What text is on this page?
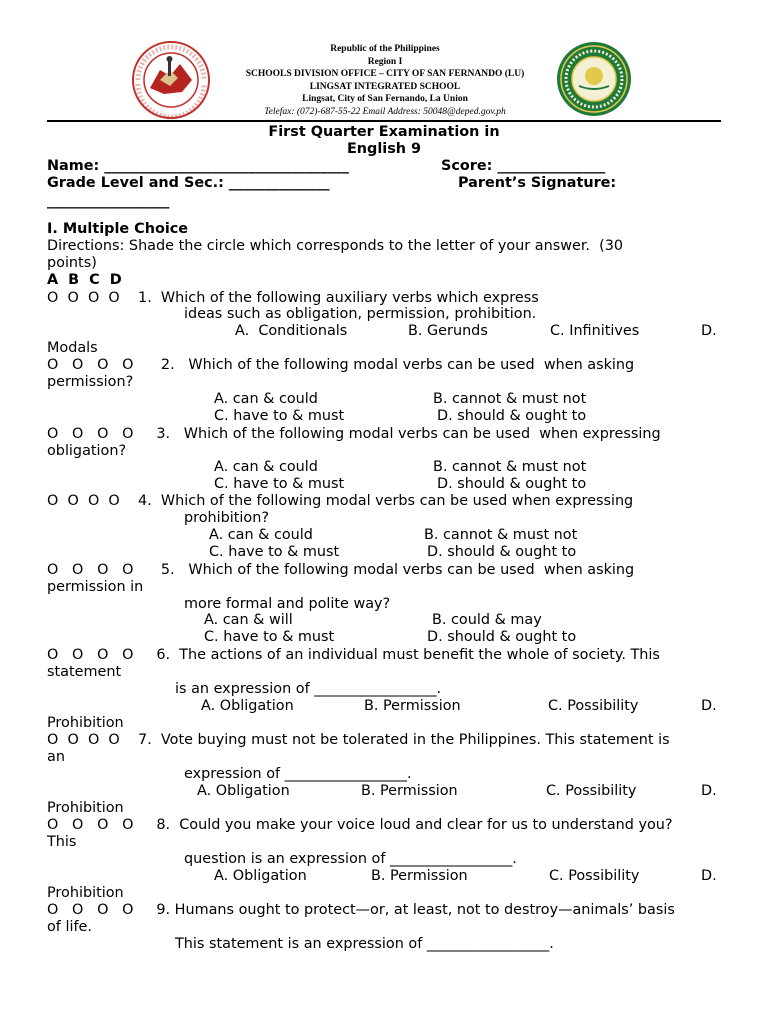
Republic of the Philippines
Region I
SCHOOLS DIVISION OFFICE – CITY OF SAN FERNANDO (LU)
LINGSAT INTEGRATED SCHOOL
Lingsat, City of San Fernando, La Union
Telefax: (072)-687-55-22 Email Address: 50048@deped.gov.ph
First Quarter Examination in
English 9
Name: __________________________________	Score: _______________
Grade Level and Sec.: ______________	Parent’s Signature:
_________________
I. Multiple Choice
Directions: Shade the circle which corresponds to the letter of your answer.  (30
points)
A  B  C  D
O  O  O  O    1.  Which of the following auxiliary verbs which express
ideas such as obligation, permission, prohibition.
A.  Conditionals	B. Gerunds	C. Infinitives	D.
Modals
O   O   O   O      2.   Which of the following modal verbs can be used  when asking
permission?
A. can & could	B. cannot & must not
C. have to & must	D. should & ought to
O   O   O   O     3.   Which of the following modal verbs can be used  when expressing
obligation?
A. can & could	B. cannot & must not
C. have to & must	D. should & ought to
O  O  O  O    4.  Which of the following modal verbs can be used when expressing
prohibition?
A. can & could	B. cannot & must not
C. have to & must	D. should & ought to
O   O   O   O      5.   Which of the following modal verbs can be used  when asking
permission in
more formal and polite way?
A. can & will	B. could & may
C. have to & must	D. should & ought to
O   O   O   O     6.  The actions of an individual must benefit the whole of society. This
statement
is an expression of _________________.
A. Obligation	B. Permission	C. Possibility	D.
Prohibition
O  O  O  O    7.  Vote buying must not be tolerated in the Philippines. This statement is
an
expression of _________________.
A. Obligation	B. Permission	C. Possibility	D.
Prohibition
O   O   O   O     8.  Could you make your voice loud and clear for us to understand you?
This
question is an expression of _________________.
A. Obligation	B. Permission	C. Possibility	D.
Prohibition
O   O   O   O     9. Humans ought to protect—or, at least, not to destroy—animals’ basis
of life.
This statement is an expression of _________________.
